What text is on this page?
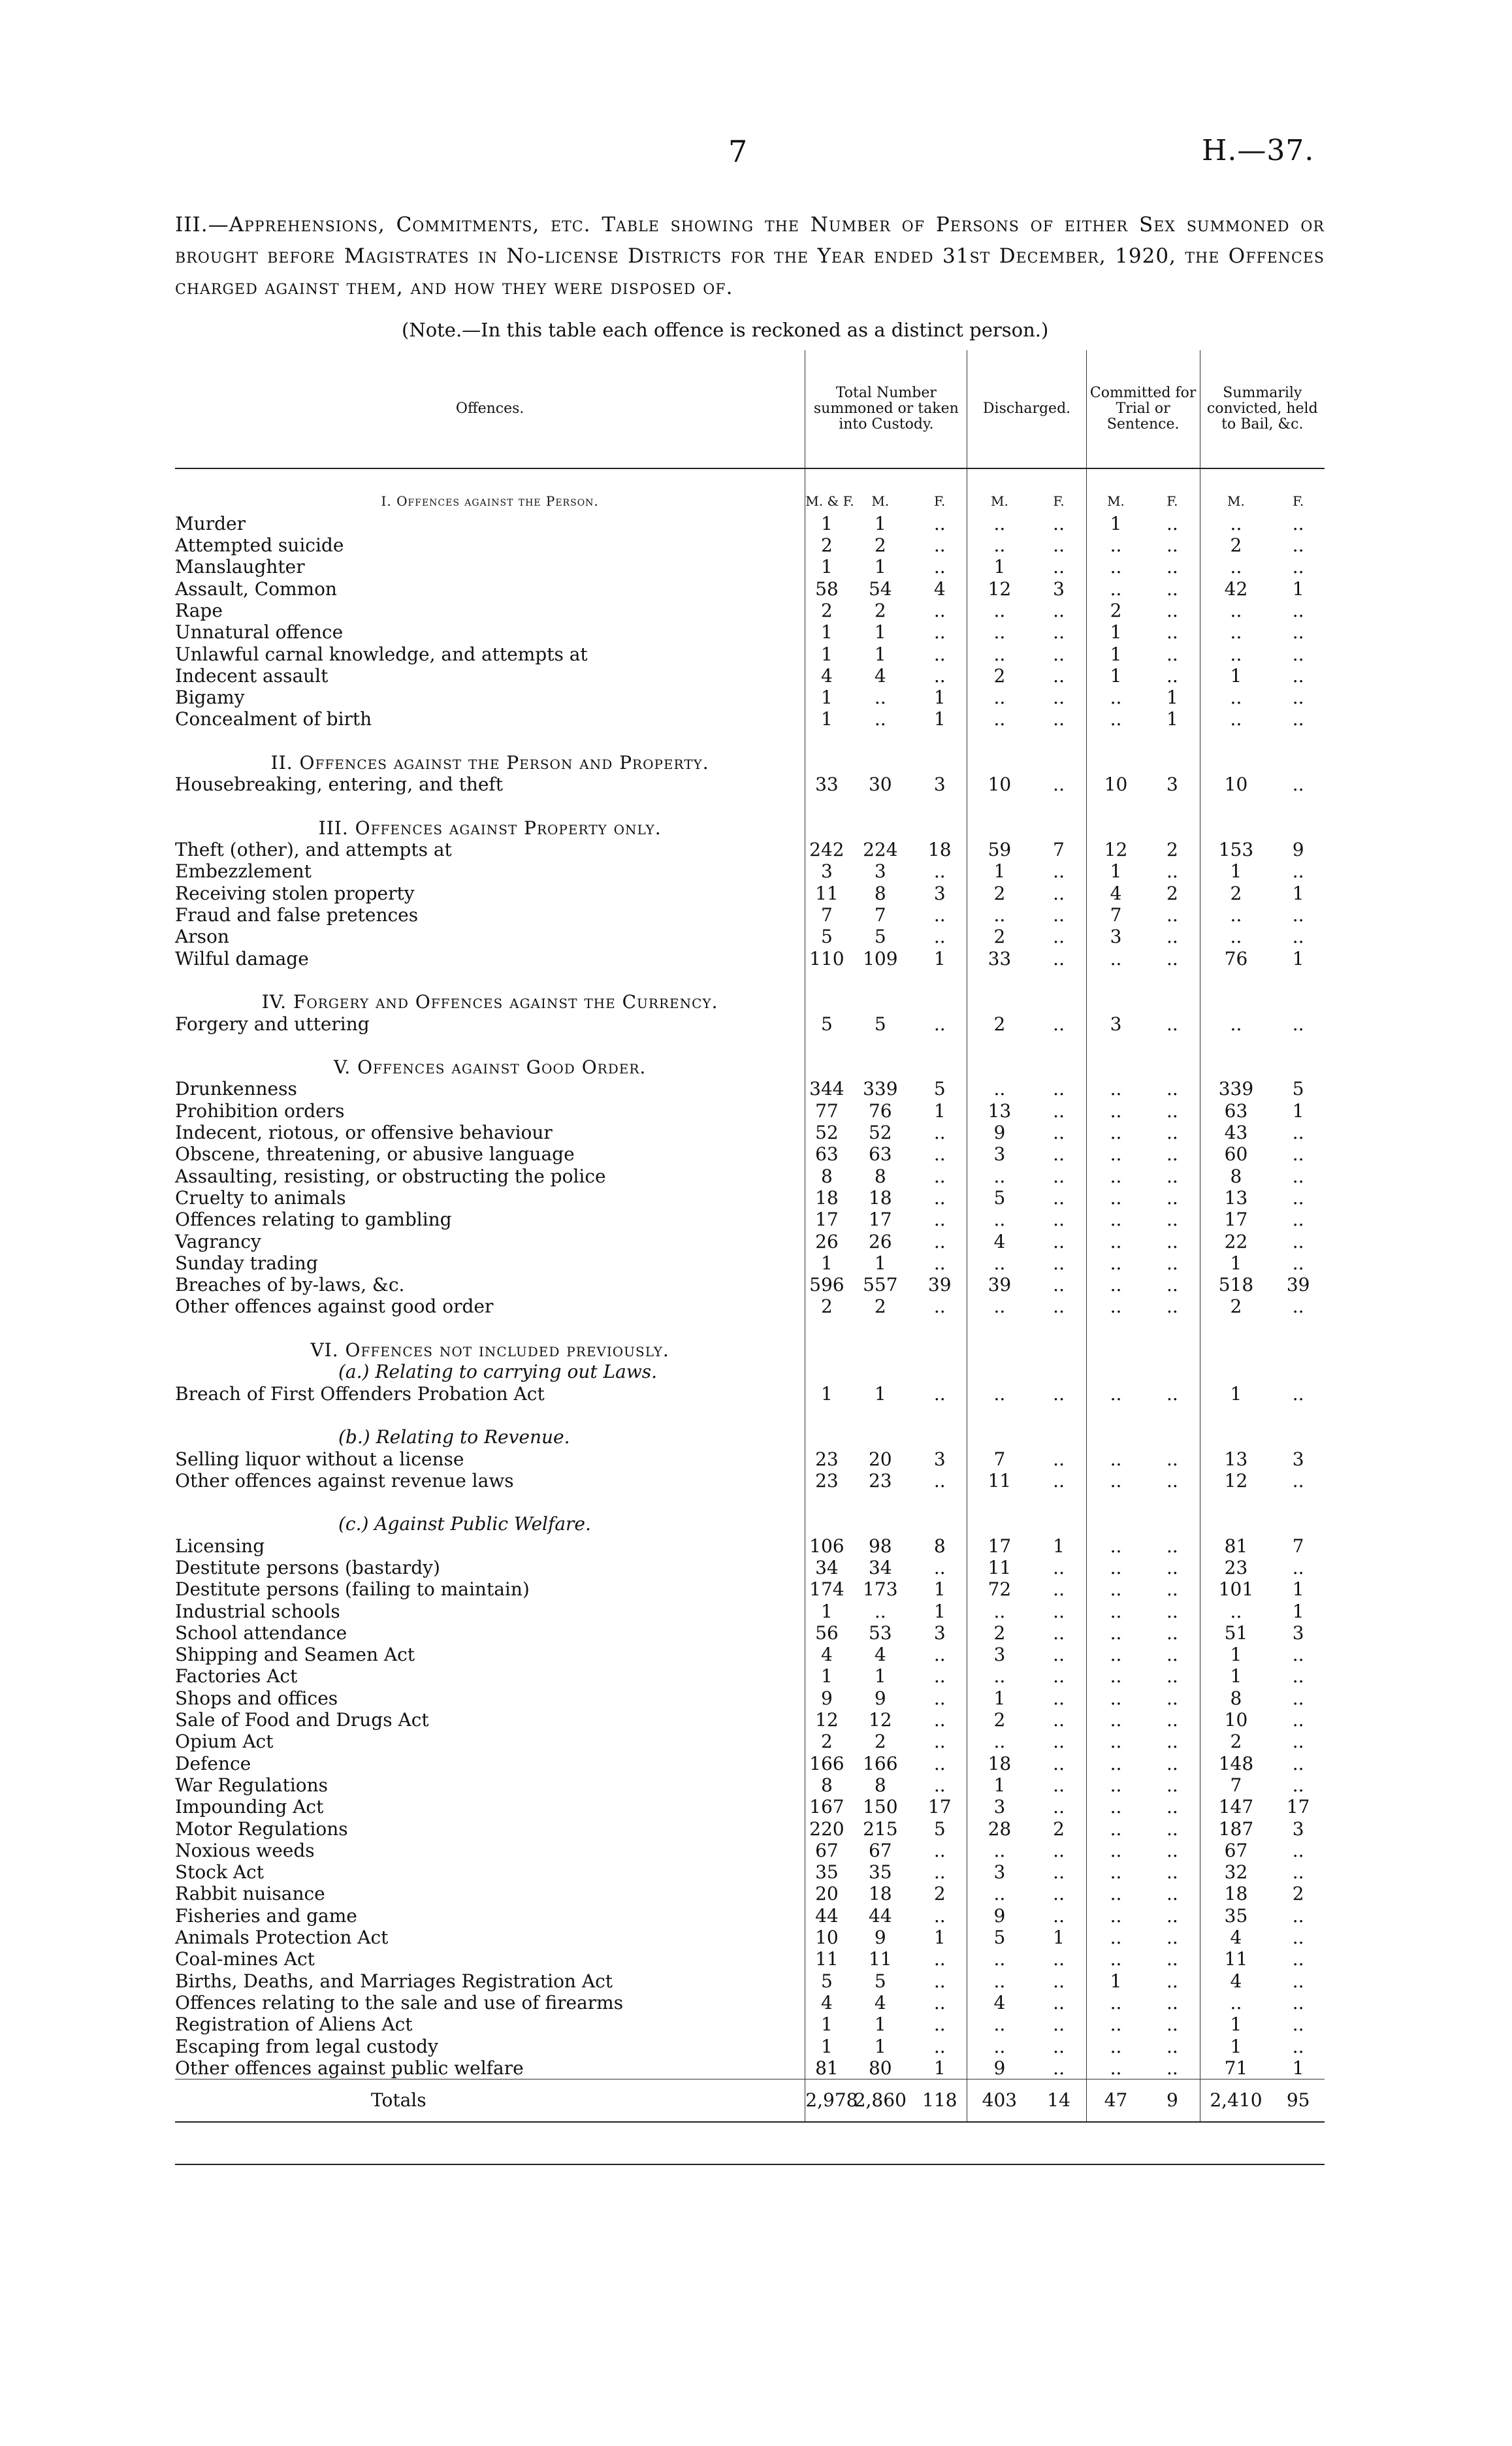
7	H.—37.
III.—Apprehensions, Commitments, etc. Table showing the Number of Persons of either Sex summoned or brought before Magistrates in No-license Districts for the Year ended 31st December, 1920, the Offences charged against them, and how they were disposed of.
(Note.—In this table each offence is reckoned as a distinct person.)
Offences.	Total Number summoned or taken into Custody.			Discharged.		Committed for Trial or Sentence.		Summarily convicted, held to Bail, &c.	

I. Offences against the Person.	M. & F.	M.	F.	M.	F.	M.	F.	M.	F.
Murder	1	1	..	..	..	1	..	..	..
Attempted suicide	2	2	..	..	..	..	..	2	..
Manslaughter	1	1	..	1	..	..	..	..	..
Assault, Common	58	54	4	12	3	..	..	42	1
Rape	2	2	..	..	..	2	..	..	..
Unnatural offence	1	1	..	..	..	1	..	..	..
Unlawful carnal knowledge, and attempts at	1	1	..	..	..	1	..	..	..
Indecent assault	4	4	..	2	..	1	..	1	..
Bigamy	1	..	1	..	..	..	1	..	..
Concealment of birth	1	..	1	..	..	..	1	..	..

II. Offences against the Person and Property.									
Housebreaking, entering, and theft	33	30	3	10	..	10	3	10	..

III. Offences against Property only.									
Theft (other), and attempts at	242	224	18	59	7	12	2	153	9
Embezzlement	3	3	..	1	..	1	..	1	..
Receiving stolen property	11	8	3	2	..	4	2	2	1
Fraud and false pretences	7	7	..	..	..	7	..	..	..
Arson	5	5	..	2	..	3	..	..	..
Wilful damage	110	109	1	33	..	..	..	76	1

IV. Forgery and Offences against the Currency.									
Forgery and uttering	5	5	..	2	..	3	..	..	..

V. Offences against Good Order.									
Drunkenness	344	339	5	..	..	..	..	339	5
Prohibition orders	77	76	1	13	..	..	..	63	1
Indecent, riotous, or offensive behaviour	52	52	..	9	..	..	..	43	..
Obscene, threatening, or abusive language	63	63	..	3	..	..	..	60	..
Assaulting, resisting, or obstructing the police	8	8	..	..	..	..	..	8	..
Cruelty to animals	18	18	..	5	..	..	..	13	..
Offences relating to gambling	17	17	..	..	..	..	..	17	..
Vagrancy	26	26	..	4	..	..	..	22	..
Sunday trading	1	1	..	..	..	..	..	1	..
Breaches of by-laws, &c.	596	557	39	39	..	..	..	518	39
Other offences against good order	2	2	..	..	..	..	..	2	..

VI. Offences not included previously.									
(a.) Relating to carrying out Laws.									
Breach of First Offenders Probation Act	1	1	..	..	..	..	..	1	..

(b.) Relating to Revenue.									
Selling liquor without a license	23	20	3	7	..	..	..	13	3
Other offences against revenue laws	23	23	..	11	..	..	..	12	..

(c.) Against Public Welfare.									
Licensing	106	98	8	17	1	..	..	81	7
Destitute persons (bastardy)	34	34	..	11	..	..	..	23	..
Destitute persons (failing to maintain)	174	173	1	72	..	..	..	101	1
Industrial schools	1	..	1	..	..	..	..	..	1
School attendance	56	53	3	2	..	..	..	51	3
Shipping and Seamen Act	4	4	..	3	..	..	..	1	..
Factories Act	1	1	..	..	..	..	..	1	..
Shops and offices	9	9	..	1	..	..	..	8	..
Sale of Food and Drugs Act	12	12	..	2	..	..	..	10	..
Opium Act	2	2	..	..	..	..	..	2	..
Defence	166	166	..	18	..	..	..	148	..
War Regulations	8	8	..	1	..	..	..	7	..
Impounding Act	167	150	17	3	..	..	..	147	17
Motor Regulations	220	215	5	28	2	..	..	187	3
Noxious weeds	67	67	..	..	..	..	..	67	..
Stock Act	35	35	..	3	..	..	..	32	..
Rabbit nuisance	20	18	2	..	..	..	..	18	2
Fisheries and game	44	44	..	9	..	..	..	35	..
Animals Protection Act	10	9	1	5	1	..	..	4	..
Coal-mines Act	11	11	..	..	..	..	..	11	..
Births, Deaths, and Marriages Registration Act	5	5	..	..	..	1	..	4	..
Offences relating to the sale and use of firearms	4	4	..	4	..	..	..	..	..
Registration of Aliens Act	1	1	..	..	..	..	..	1	..
Escaping from legal custody	1	1	..	..	..	..	..	1	..
Other offences against public welfare	81	80	1	9	..	..	..	71	1
Totals	2,978	2,860	118	403	14	47	9	2,410	95
